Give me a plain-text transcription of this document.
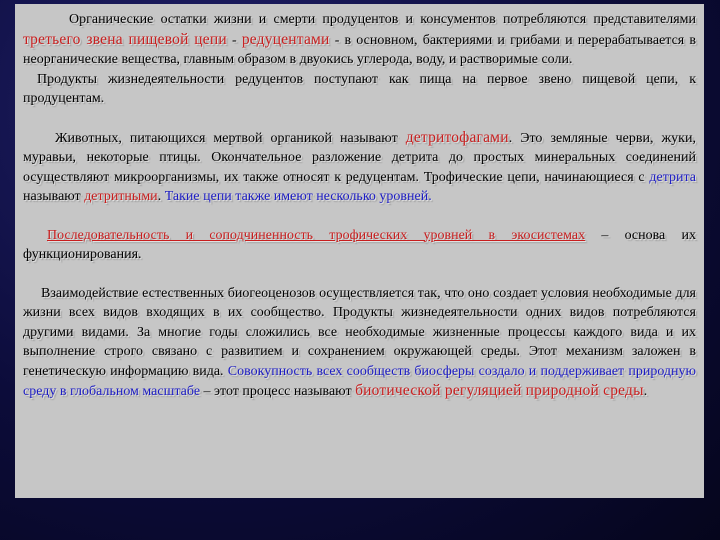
Органические остатки жизни и смерти продуцентов и консументов потребляются представителями третьего звена пищевой цепи - редуцентами - в основном, бактериями и грибами и перерабатывается в неорганические вещества, главным образом в двуокись углерода, воду, и растворимые соли.

Продукты жизнедеятельности редуцентов поступают как пища на первое звено пищевой цепи, к продуцентам.

Животных, питающихся мертвой органикой называют детритофагами. Это земляные черви, жуки, муравьи, некоторые птицы. Окончательное разложение детрита до простых минеральных соединений осуществляют микроорганизмы, их также относят к редуцентам. Трофические цепи, начинающиеся с детрита называют детритными. Такие цепи также имеют несколько уровней.

Последовательность и соподчиненность трофических уровней в экосистемах – основа их функционирования.

Взаимодействие естественных биогеоценозов осуществляется так, что оно создает условия необходимые для жизни всех видов входящих в их сообщество. Продукты жизнедеятельности одних видов потребляются другими видами. За многие годы сложились все необходимые жизненные процессы каждого вида и их выполнение строго связано с развитием и сохранением окружающей среды. Этот механизм заложен в генетическую информацию вида. Совокупность всех сообществ биосферы создало и поддерживает природную среду в глобальном масштабе – этот процесс называют биотической регуляцией природной среды.
